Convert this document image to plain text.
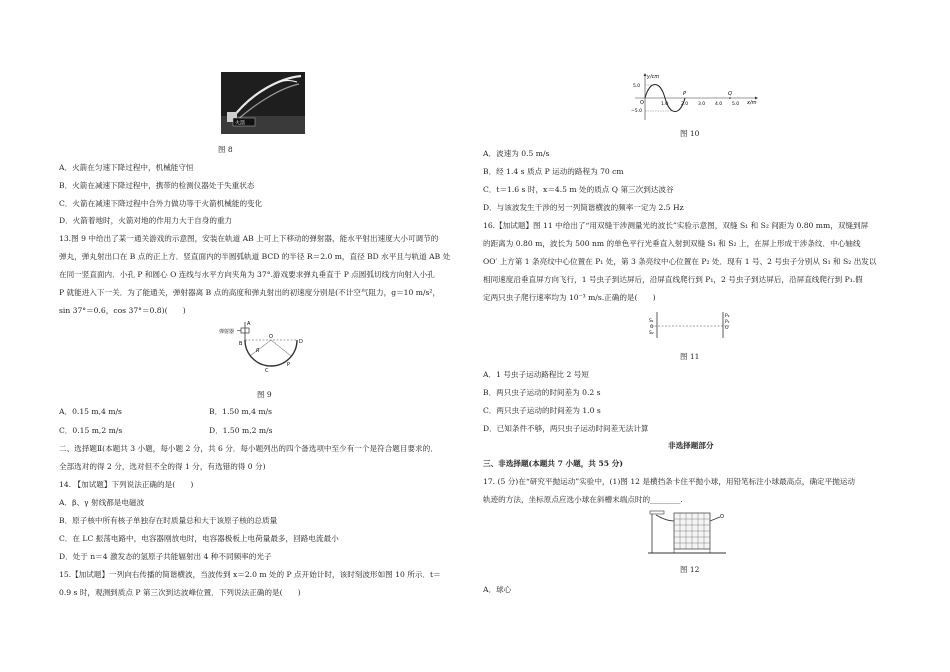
火箭
图 8
A．火箭在匀速下降过程中，机械能守恒
B．火箭在减速下降过程中，携带的检测仪器处于失重状态
C．火箭在减速下降过程中合外力做功等于火箭机械能的变化
D．火箭着地时，火箭对地的作用力大于自身的重力
13.图 9 中给出了某一通关游戏的示意图，安装在轨道 AB 上可上下移动的弹射器，能水平射出速度大小可调节的
弹丸，弹丸射出口在 B 点的正上方．竖直面内的半圆弧轨道 BCD 的半径 R＝2.0 m，直径 BD 水平且与轨道 AB 处
在同一竖直面内．小孔 P 和圆心 O 连线与水平方向夹角为 37°.游戏要求弹丸垂直于 P 点圆弧切线方向射入小孔
P 就能进入下一关．为了能通关，弹射器离 B 点的高度和弹丸射出的初速度分别是(不计空气阻力，g＝10 m/s²，
sin 37°＝0.6，cos 37°＝0.8)(　　)
弹射器
A
B	D
R
O
C
P
图 9
A．0.15 m,4 m/s	B．1.50 m,4 m/s
C．0.15 m,2 m/s	D．1.50 m,2 m/s
二、选择题Ⅱ(本题共 3 小题，每小题 2 分，共 6 分．每小题列出的四个备选项中至少有一个是符合题目要求的．
全部选对的得 2 分，选对但不全的得 1 分，有选错的得 0 分)
14. 【加试题】下列说法正确的是(　　)
A．β、γ 射线都是电磁波
B．原子核中所有核子单独存在时质量总和大于该原子核的总质量
C．在 LC 振荡电路中，电容器刚放电时，电容器极板上电荷量最多，回路电流最小
D．处于 n＝4 激发态的氢原子共能辐射出 4 种不同频率的光子
15.【加试题】一列向右传播的简谐横波，当波传到 x＝2.0 m 处的 P 点开始计时，该时刻波形如图 10 所示．t＝
0.9 s 时，观测到质点 P 第三次到达波峰位置．下列说法正确的是(　　)
y/cm
x/m
5.0
−5.0
O
P	Q
1.0	2.0 3.0 4.0 5.0
图 10
A．波速为 0.5 m/s
B．经 1.4 s 质点 P 运动的路程为 70 cm
C．t＝1.6 s 时，x＝4.5 m 处的质点 Q 第三次到达波谷
D．与该波发生干涉的另一列简谐横波的频率一定为 2.5 Hz
16.【加试题】图 11 中给出了“用双缝干涉测量光的波长”实验示意图，双缝 S₁ 和 S₂ 间距为 0.80 mm，双缝到屏
的距离为 0.80 m，波长为 500 nm 的单色平行光垂直入射到双缝 S₁ 和 S₂ 上，在屏上形成干涉条纹．中心轴线
OO′ 上方第 1 条亮纹中心位置在 P₁ 处，第 3 条亮纹中心位置在 P₂ 处．现有 1 号、2 号虫子分别从 S₁ 和 S₂ 出发以
相同速度沿垂直屏方向飞行，1 号虫子到达屏后，沿屏直线爬行到 P₁，2 号虫子到达屏后，沿屏直线爬行到 P₁.假
定两只虫子爬行速率均为 10⁻³ m/s.正确的是(　　)
S₁
O
S₂
P₂
P₁
O′
图 11
A．1 号虫子运动路程比 2 号短
B．两只虫子运动的时间差为 0.2 s
C．两只虫子运动的时间差为 1.0 s
D．已知条件不够，两只虫子运动时间差无法计算
非选择题部分
三、非选择题(本题共 7 小题，共 55 分)
17. (5 分)在“研究平抛运动”实验中，(1)图 12 是横挡条卡住平抛小球，用铅笔标注小球最高点，确定平抛运动
轨迹的方法，坐标原点应选小球在斜槽末端点时的________.
图 12
A．球心
